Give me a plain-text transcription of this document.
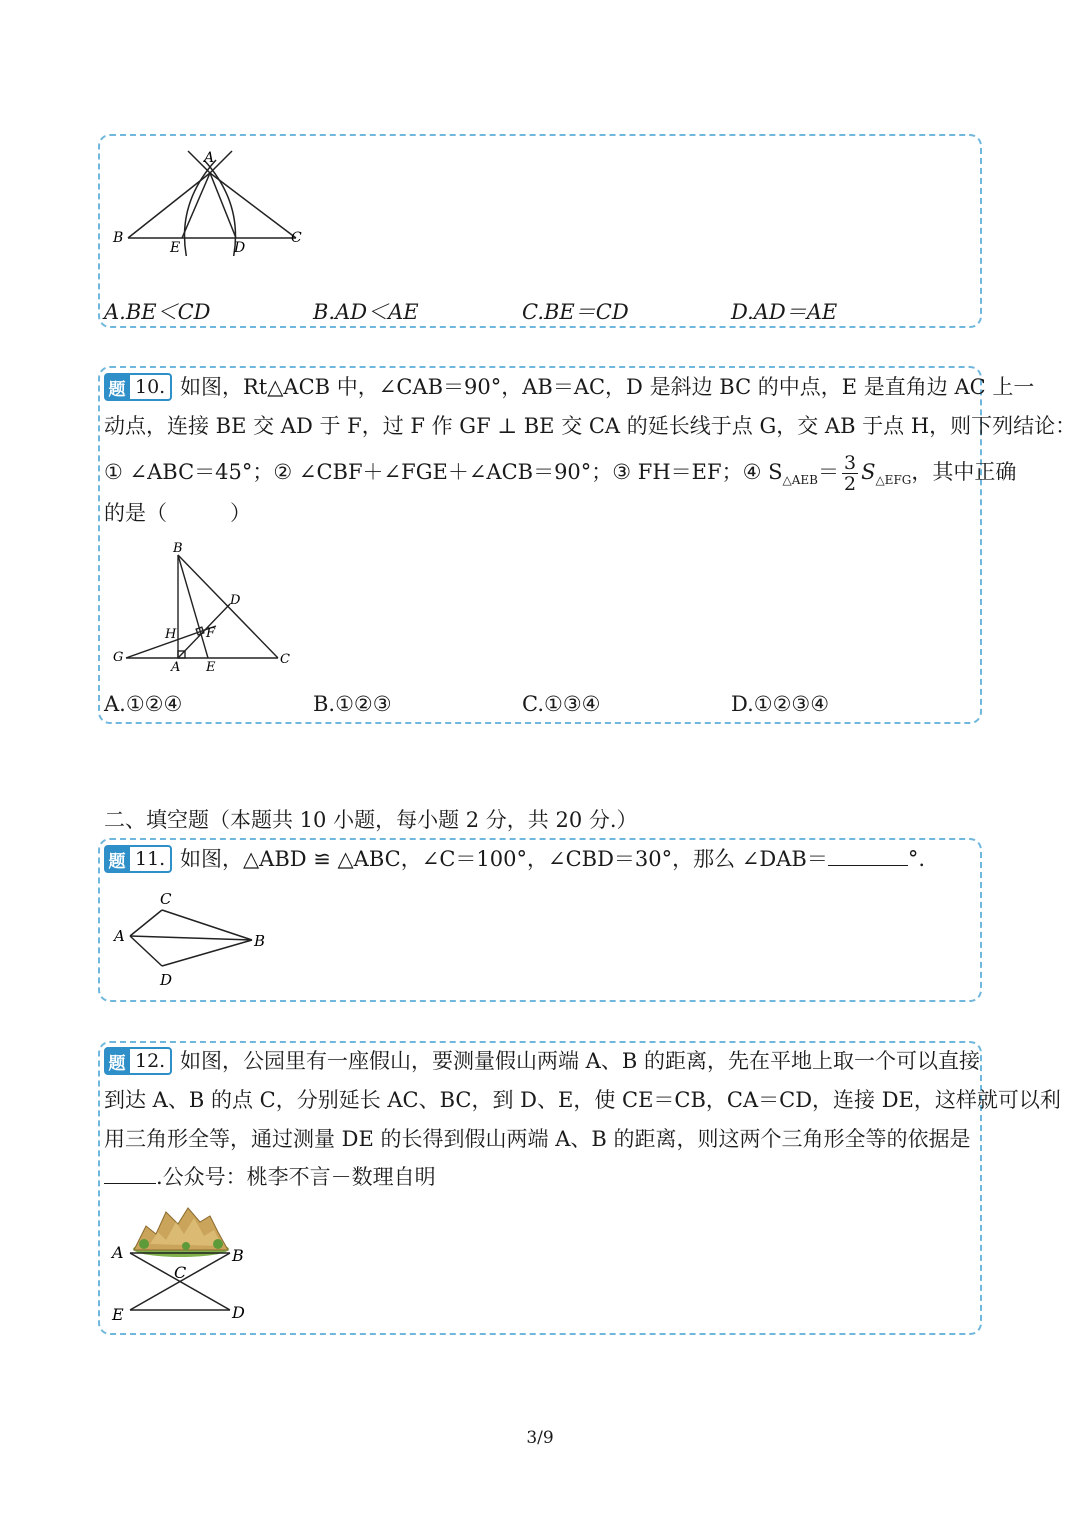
A
B
E	D
C
A.BE＜CD	B.AD＜AE	C.BE＝CD	D.AD＝AE
题 10. 如图，Rt△ACB 中，∠CAB＝90°，AB＝AC，D 是斜边 BC 的中点，E 是直角边 AC 上一
动点，连接 BE 交 AD 于 F，过 F 作 GF ⊥ BE 交 CA 的延长线于点 G，交 AB 于点 H，则下列结论：
① ∠ABC＝45°；② ∠CBF＋∠FGE＋∠ACB＝90°；③ FH＝EF；④ $S_{\triangle AEB}= \frac{3}{2} S_{\triangle EFG}$，其中正确
的是（　　　）
B
D
H F
G
A E
C
A.①②④	B.①②③	C.①③④	D.①②③④
二、填空题（本题共 10 小题，每小题 2 分，共 20 分.）
题 11. 如图，△ABD ≌ △ABC，∠C＝100°，∠CBD＝30°，那么 ∠DAB＝	°.
C
A	B
D
题 12. 如图，公园里有一座假山，要测量假山两端 A、B 的距离，先在平地上取一个可以直接
到达 A、B 的点 C，分别延长 AC、BC，到 D、E，使 CE＝CB，CA＝CD，连接 DE，这样就可以利
用三角形全等，通过测量 DE 的长得到假山两端 A、B 的距离，则这两个三角形全等的依据是
.公众号：桃李不言－数理自明
A	B
C
E	D
3/9
